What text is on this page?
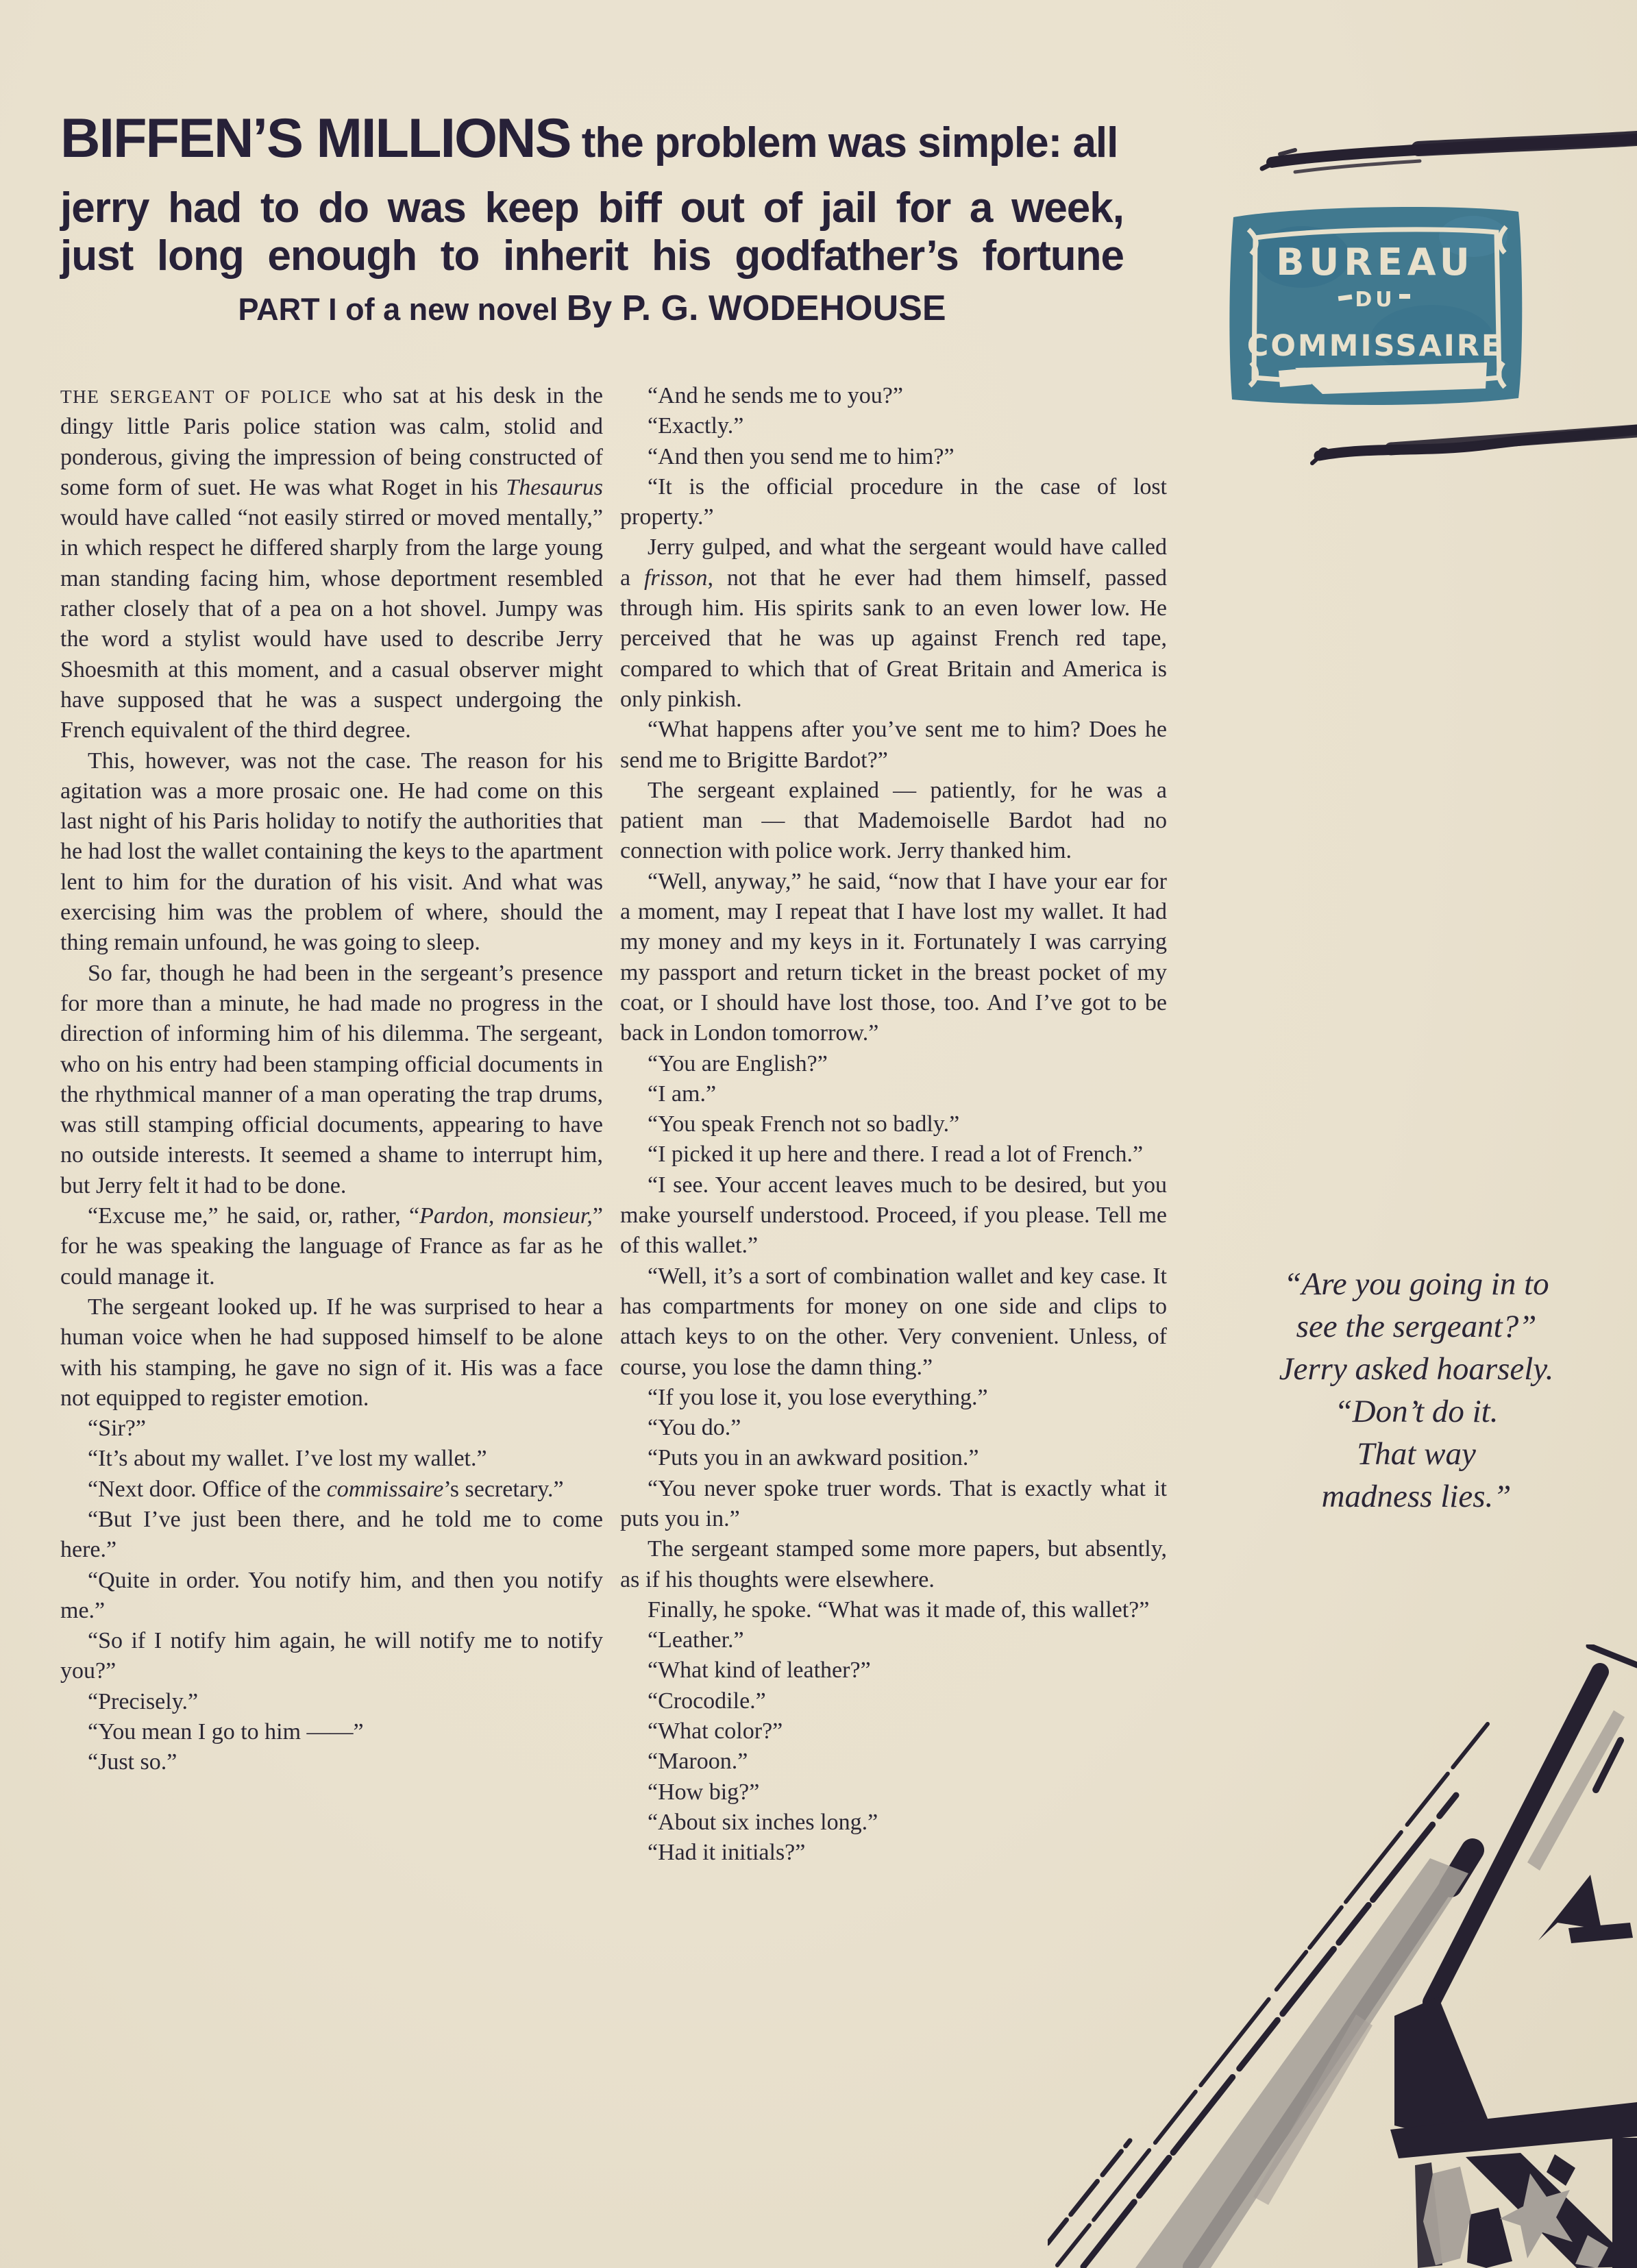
BIFFEN’S MILLIONS the problem was simple: all
jerry had to do was keep biff out of jail for a week,
just long enough to inherit his godfather’s fortune
PART I of a new novel By P. G. WODEHOUSE

THE SERGEANT OF POLICE who sat at his desk in the dingy little Paris police station was calm, stolid and ponderous, giving the impression of being constructed of some form of suet. He was what Roget in his Thesaurus would have called “not easily stirred or moved mentally,” in which respect he differed sharply from the large young man standing facing him, whose deportment resembled rather closely that of a pea on a hot shovel. Jumpy was the word a stylist would have used to describe Jerry Shoesmith at this moment, and a casual observer might have supposed that he was a suspect undergoing the French equivalent of the third degree.

This, however, was not the case. The reason for his agitation was a more prosaic one. He had come on this last night of his Paris holiday to notify the authorities that he had lost the wallet containing the keys to the apartment lent to him for the duration of his visit. And what was exercising him was the problem of where, should the thing remain unfound, he was going to sleep.

So far, though he had been in the sergeant’s presence for more than a minute, he had made no progress in the direction of informing him of his dilemma. The sergeant, who on his entry had been stamping official documents in the rhythmical manner of a man operating the trap drums, was still stamping official documents, appearing to have no outside interests. It seemed a shame to interrupt him, but Jerry felt it had to be done.

“Excuse me,” he said, or, rather, “Pardon, monsieur,” for he was speaking the language of France as far as he could manage it.

The sergeant looked up. If he was surprised to hear a human voice when he had supposed himself to be alone with his stamping, he gave no sign of it. His was a face not equipped to register emotion.

“Sir?”

“It’s about my wallet. I’ve lost my wallet.”

“Next door. Office of the commissaire’s secretary.”

“But I’ve just been there, and he told me to come here.”

“Quite in order. You notify him, and then you notify me.”

“So if I notify him again, he will notify me to notify you?”

“Precisely.”

“You mean I go to him ——”

“Just so.”

“And he sends me to you?”

“Exactly.”

“And then you send me to him?”

“It is the official procedure in the case of lost property.”

Jerry gulped, and what the sergeant would have called a frisson, not that he ever had them himself, passed through him. His spirits sank to an even lower low. He perceived that he was up against French red tape, compared to which that of Great Britain and America is only pinkish.

“What happens after you’ve sent me to him? Does he send me to Brigitte Bardot?”

The sergeant explained — patiently, for he was a patient man — that Mademoiselle Bardot had no connection with police work. Jerry thanked him.

“Well, anyway,” he said, “now that I have your ear for a moment, may I repeat that I have lost my wallet. It had my money and my keys in it. Fortunately I was carrying my passport and return ticket in the breast pocket of my coat, or I should have lost those, too. And I’ve got to be back in London tomorrow.”

“You are English?”

“I am.”

“You speak French not so badly.”

“I picked it up here and there. I read a lot of French.”

“I see. Your accent leaves much to be desired, but you make yourself understood. Proceed, if you please. Tell me of this wallet.”

“Well, it’s a sort of combination wallet and key case. It has compartments for money on one side and clips to attach keys to on the other. Very convenient. Unless, of course, you lose the damn thing.”

“If you lose it, you lose everything.”

“You do.”

“Puts you in an awkward position.”

“You never spoke truer words. That is exactly what it puts you in.”

The sergeant stamped some more papers, but absently, as if his thoughts were elsewhere.

Finally, he spoke. “What was it made of, this wallet?”

“Leather.”

“What kind of leather?”

“Crocodile.”

“What color?”

“Maroon.”

“How big?”

“About six inches long.”

“Had it initials?”

“Are you going in to
see the sergeant?”
Jerry asked hoarsely.
“Don’t do it.
That way
madness lies.”
BUREAU
DU
COMMISSAIRE
